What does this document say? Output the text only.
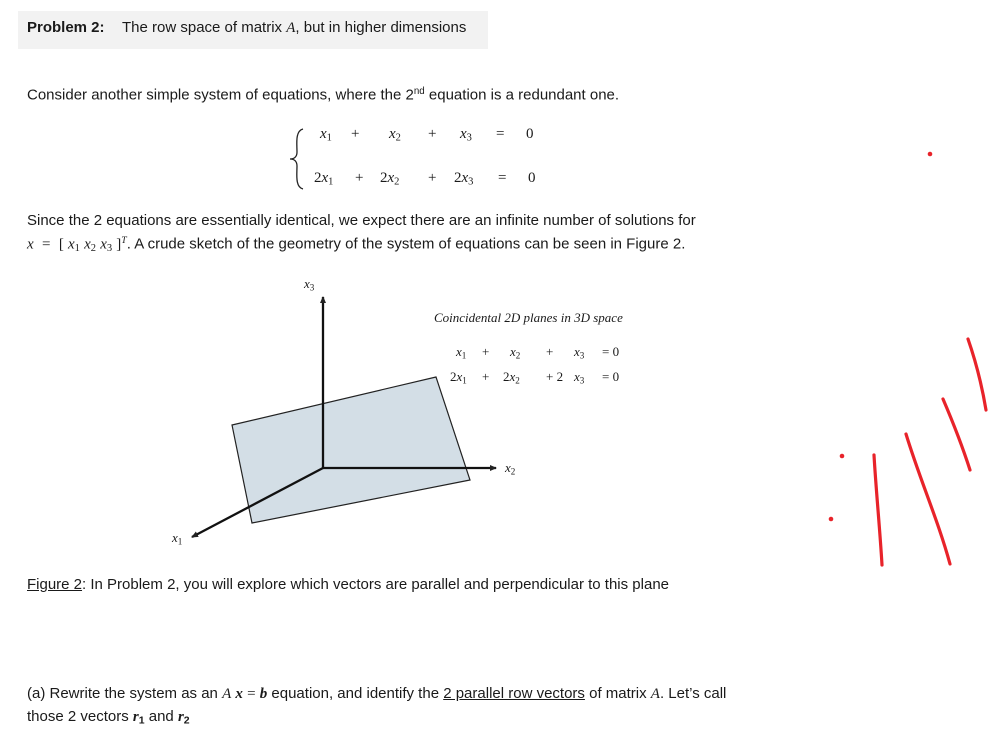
Problem 2: The row space of matrix A, but in higher dimensions
Consider another simple system of equations, where the 2nd equation is a redundant one.
$x_1 + x_2 + x_3 = 0$
$2x_1 + 2x_2 + 2x_3 = 0$
Since the 2 equations are essentially identical, we expect there are an infinite number of solutions for
x = [ $x_1$ $x_2$ $x_3$ ]$^T$. A crude sketch of the geometry of the system of equations can be seen in Figure 2.
$x_3$
$x_2$
$x_1$
Coincidental 2D planes in 3D space
$x_1 + x_2 + x_3 = 0$
$2x_1 + 2x_2 + 2$ $x_3 = 0$
Figure 2: In Problem 2, you will explore which vectors are parallel and perpendicular to this plane
(a) Rewrite the system as an A x = b equation, and identify the 2 parallel row vectors of matrix A. Let’s call
those 2 vectors $r_1$ and $r_2$
